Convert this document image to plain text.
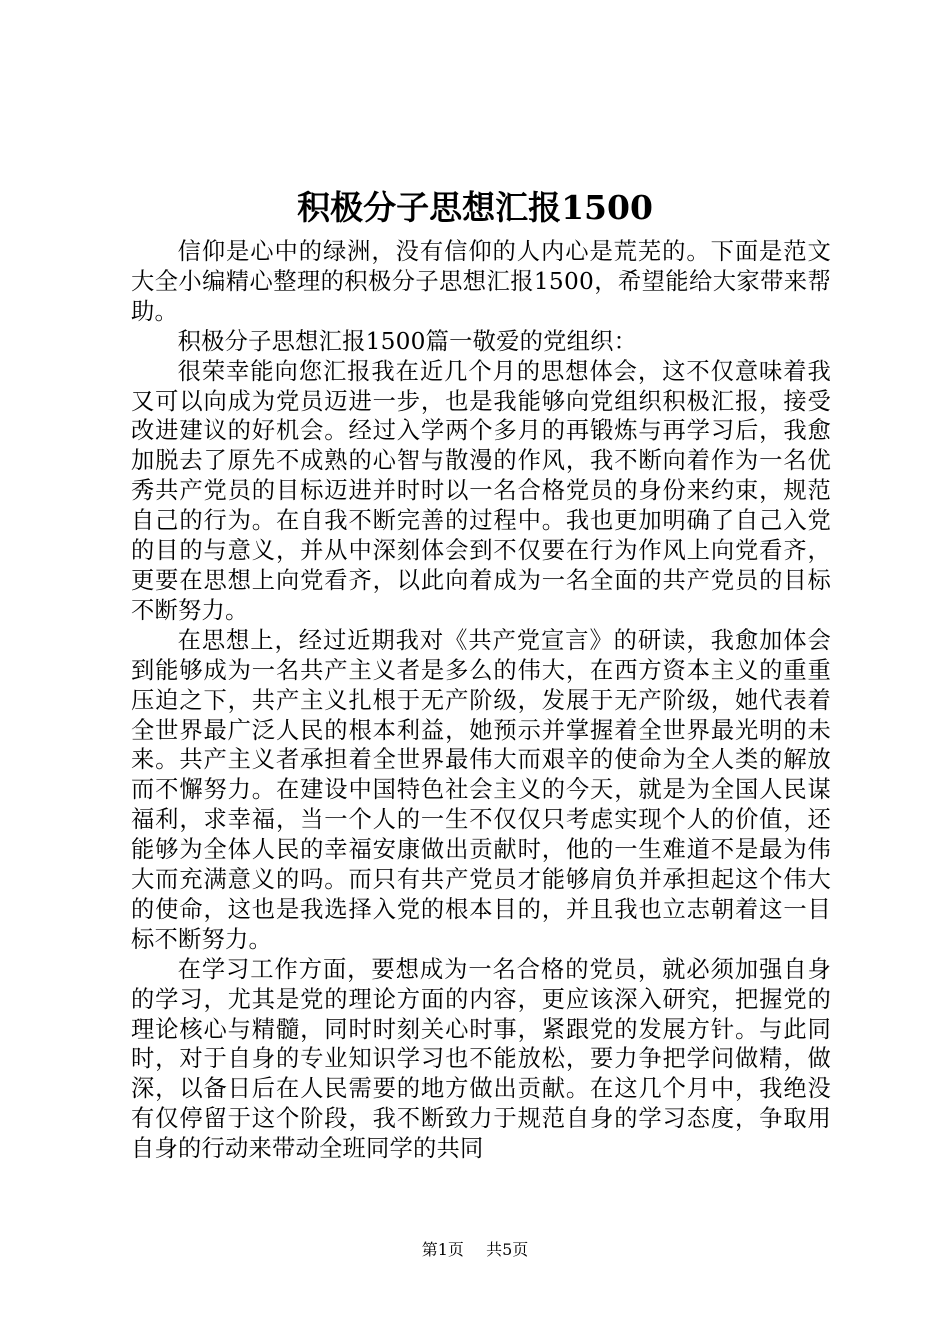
积极分子思想汇报1500

信仰是心中的绿洲，没有信仰的人内心是荒芜的。下面是范文大全小编精心整理的积极分子思想汇报1500，希望能给大家带来帮助。

积极分子思想汇报1500篇一敬爱的党组织：

很荣幸能向您汇报我在近几个月的思想体会，这不仅意味着我又可以向成为党员迈进一步，也是我能够向党组织积极汇报，接受改进建议的好机会。经过入学两个多月的再锻炼与再学习后，我愈加脱去了原先不成熟的心智与散漫的作风，我不断向着作为一名优秀共产党员的目标迈进并时时以一名合格党员的身份来约束，规范自己的行为。在自我不断完善的过程中。我也更加明确了自己入党的目的与意义，并从中深刻体会到不仅要在行为作风上向党看齐，更要在思想上向党看齐，以此向着成为一名全面的共产党员的目标不断努力。

在思想上，经过近期我对《共产党宣言》的研读，我愈加体会到能够成为一名共产主义者是多么的伟大，在西方资本主义的重重压迫之下，共产主义扎根于无产阶级，发展于无产阶级，她代表着全世界最广泛人民的根本利益，她预示并掌握着全世界最光明的未来。共产主义者承担着全世界最伟大而艰辛的使命为全人类的解放而不懈努力。在建设中国特色社会主义的今天，就是为全国人民谋福利，求幸福，当一个人的一生不仅仅只考虑实现个人的价值，还能够为全体人民的幸福安康做出贡献时，他的一生难道不是最为伟大而充满意义的吗。而只有共产党员才能够肩负并承担起这个伟大的使命，这也是我选择入党的根本目的，并且我也立志朝着这一目标不断努力。

在学习工作方面，要想成为一名合格的党员，就必须加强自身的学习，尤其是党的理论方面的内容，更应该深入研究，把握党的理论核心与精髓，同时时刻关心时事，紧跟党的发展方针。与此同时，对于自身的专业知识学习也不能放松，要力争把学问做精，做深，以备日后在人民需要的地方做出贡献。在这几个月中，我绝没有仅停留于这个阶段，我不断致力于规范自身的学习态度，争取用自身的行动来带动全班同学的共同

第1页  共5页
